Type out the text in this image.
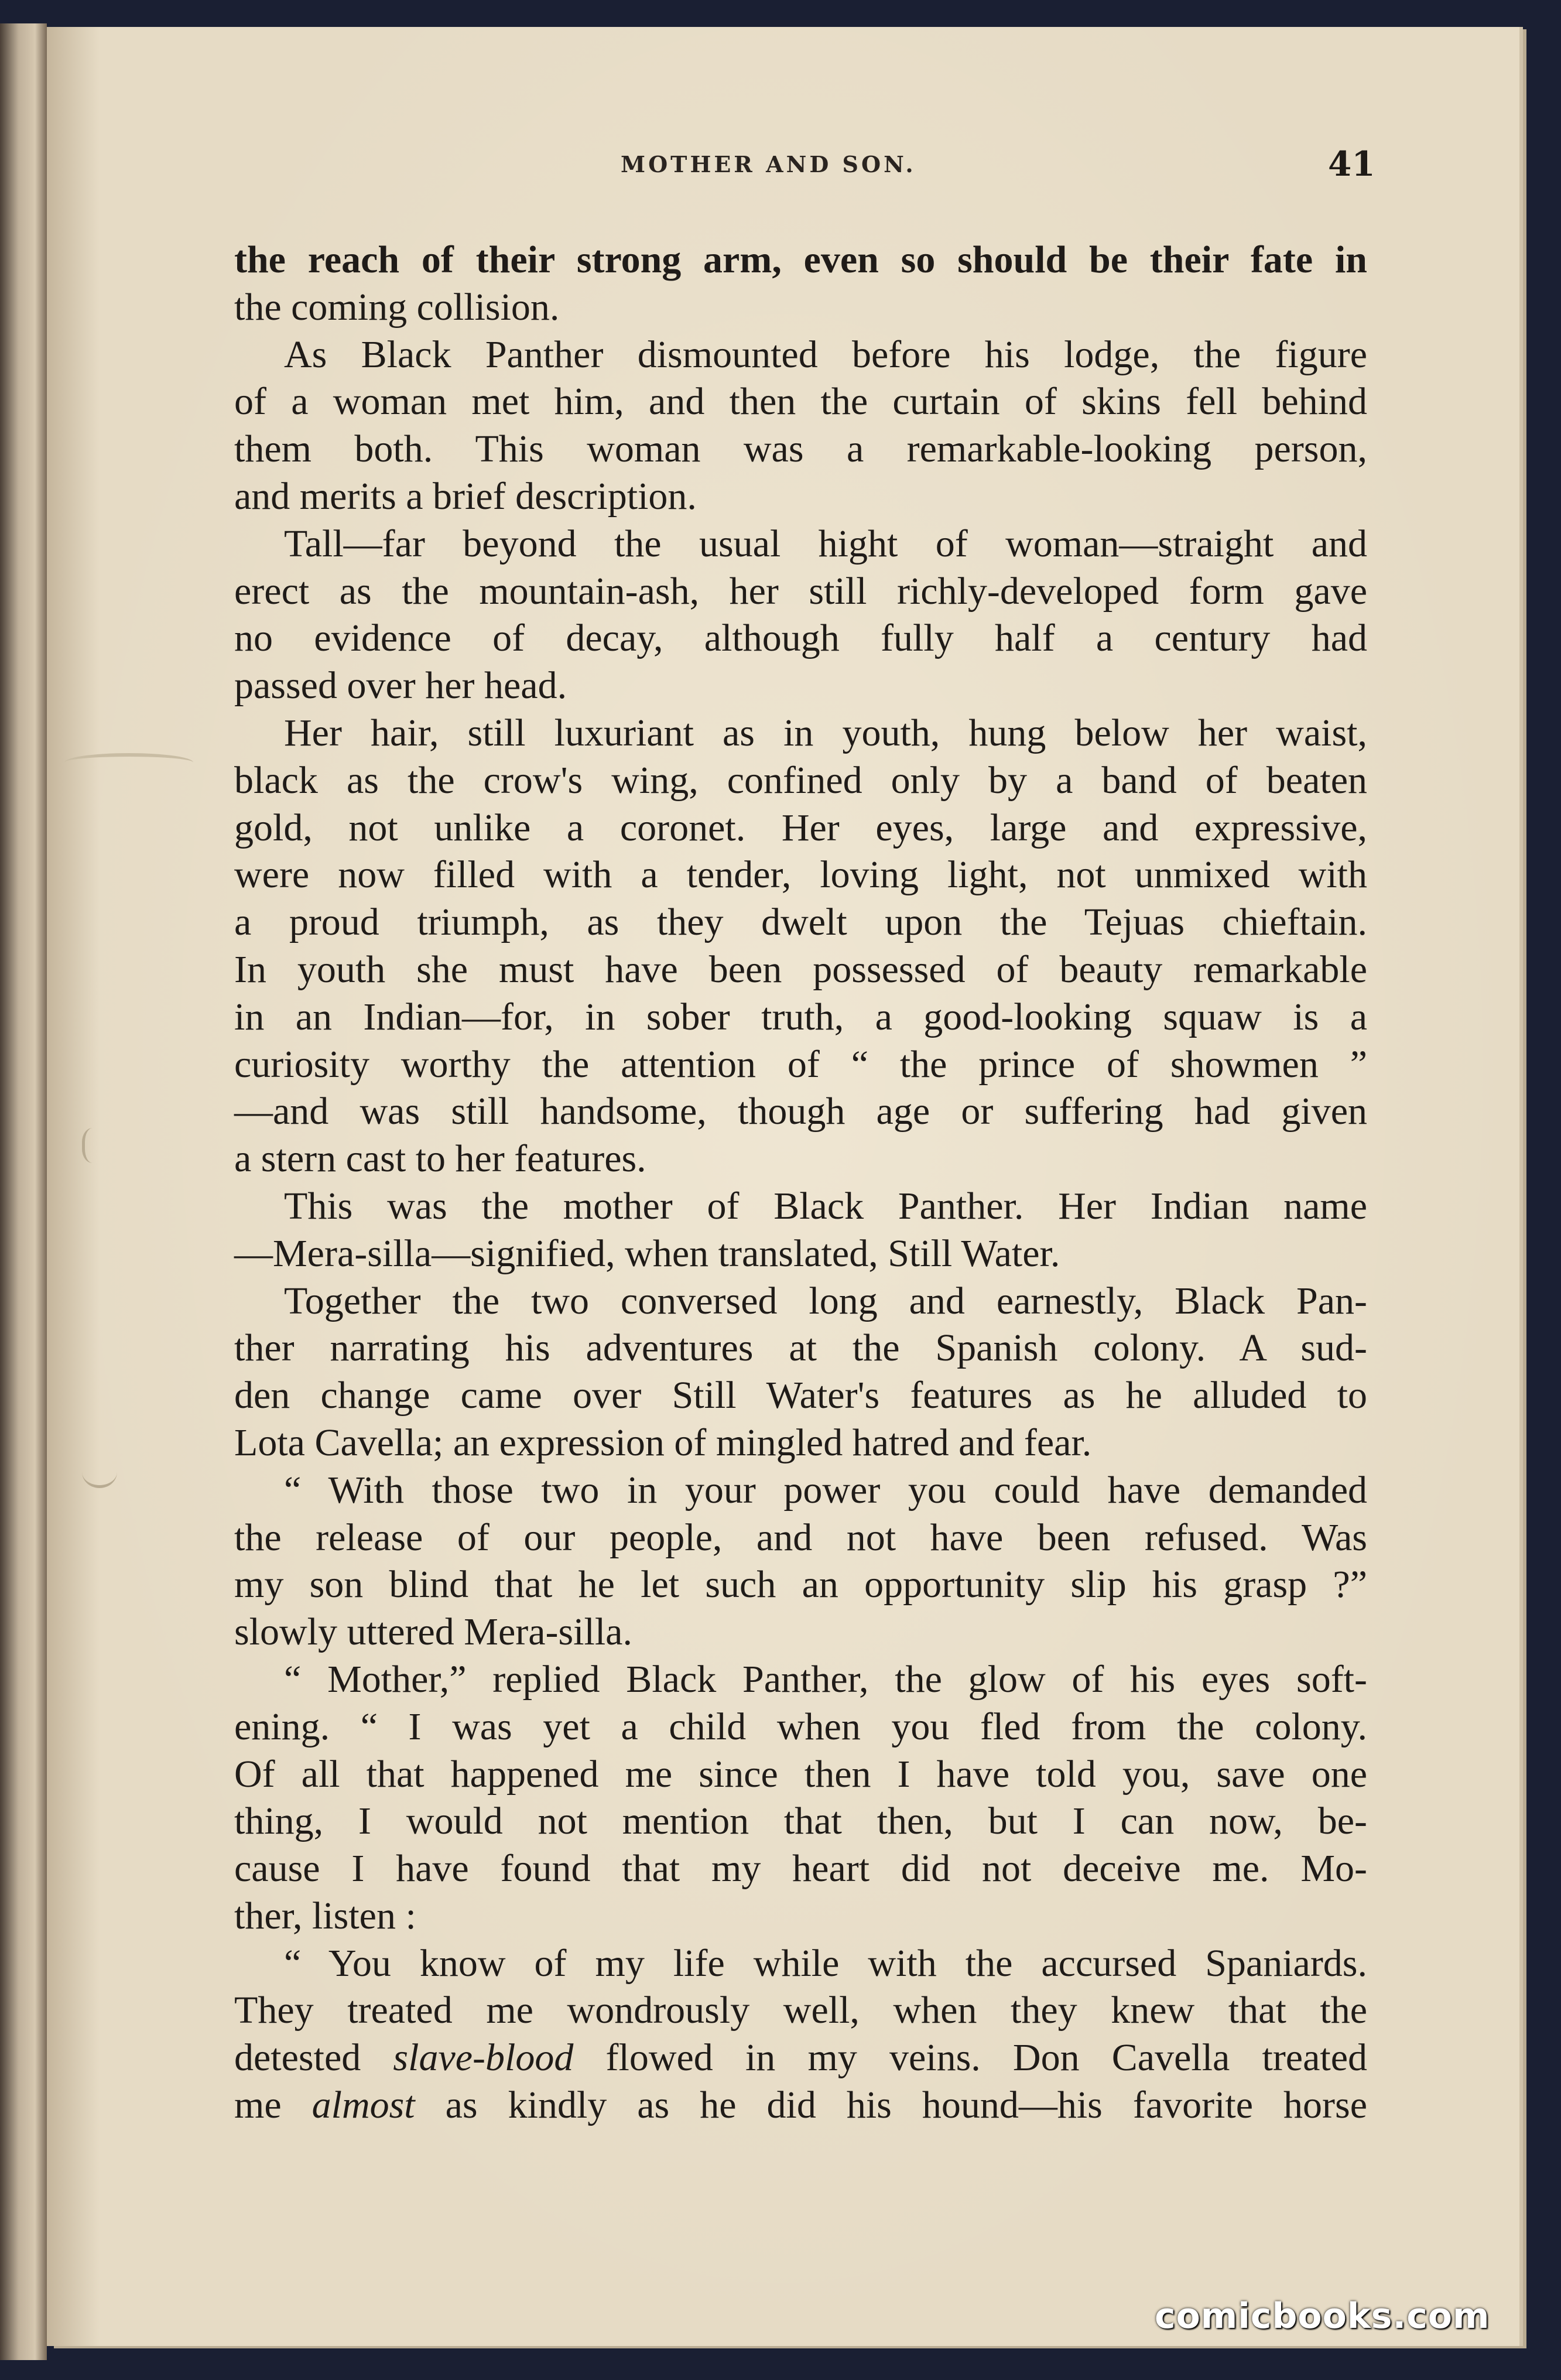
MOTHER AND SON.	41
the reach of their strong arm, even so should be their fate in
the coming collision.
As Black Panther dismounted before his lodge, the figure
of a woman met him, and then the curtain of skins fell behind
them both. This woman was a remarkable-looking person,
and merits a brief description.
Tall—far beyond the usual hight of woman—straight and
erect as the mountain-ash, her still richly-developed form gave
no evidence of decay, although fully half a century had
passed over her head.
Her hair, still luxuriant as in youth, hung below her waist,
black as the crow's wing, confined only by a band of beaten
gold, not unlike a coronet. Her eyes, large and expressive,
were now filled with a tender, loving light, not unmixed with
a proud triumph, as they dwelt upon the Tejuas chieftain.
In youth she must have been possessed of beauty remarkable
in an Indian—for, in sober truth, a good-looking squaw is a
curiosity worthy the attention of “ the prince of showmen ”
—and was still handsome, though age or suffering had given
a stern cast to her features.
This was the mother of Black Panther. Her Indian name
—Mera-silla—signified, when translated, Still Water.
Together the two conversed long and earnestly, Black Pan-
ther narrating his adventures at the Spanish colony. A sud-
den change came over Still Water's features as he alluded to
Lota Cavella; an expression of mingled hatred and fear.
“ With those two in your power you could have demanded
the release of our people, and not have been refused. Was
my son blind that he let such an opportunity slip his grasp ?”
slowly uttered Mera-silla.
“ Mother,” replied Black Panther, the glow of his eyes soft-
ening. “ I was yet a child when you fled from the colony.
Of all that happened me since then I have told you, save one
thing, I would not mention that then, but I can now, be-
cause I have found that my heart did not deceive me. Mo-
ther, listen :
“ You know of my life while with the accursed Spaniards.
They treated me wondrously well, when they knew that the
detested slave-blood flowed in my veins. Don Cavella treated
me almost as kindly as he did his hound—his favorite horse
comicbooks.com
